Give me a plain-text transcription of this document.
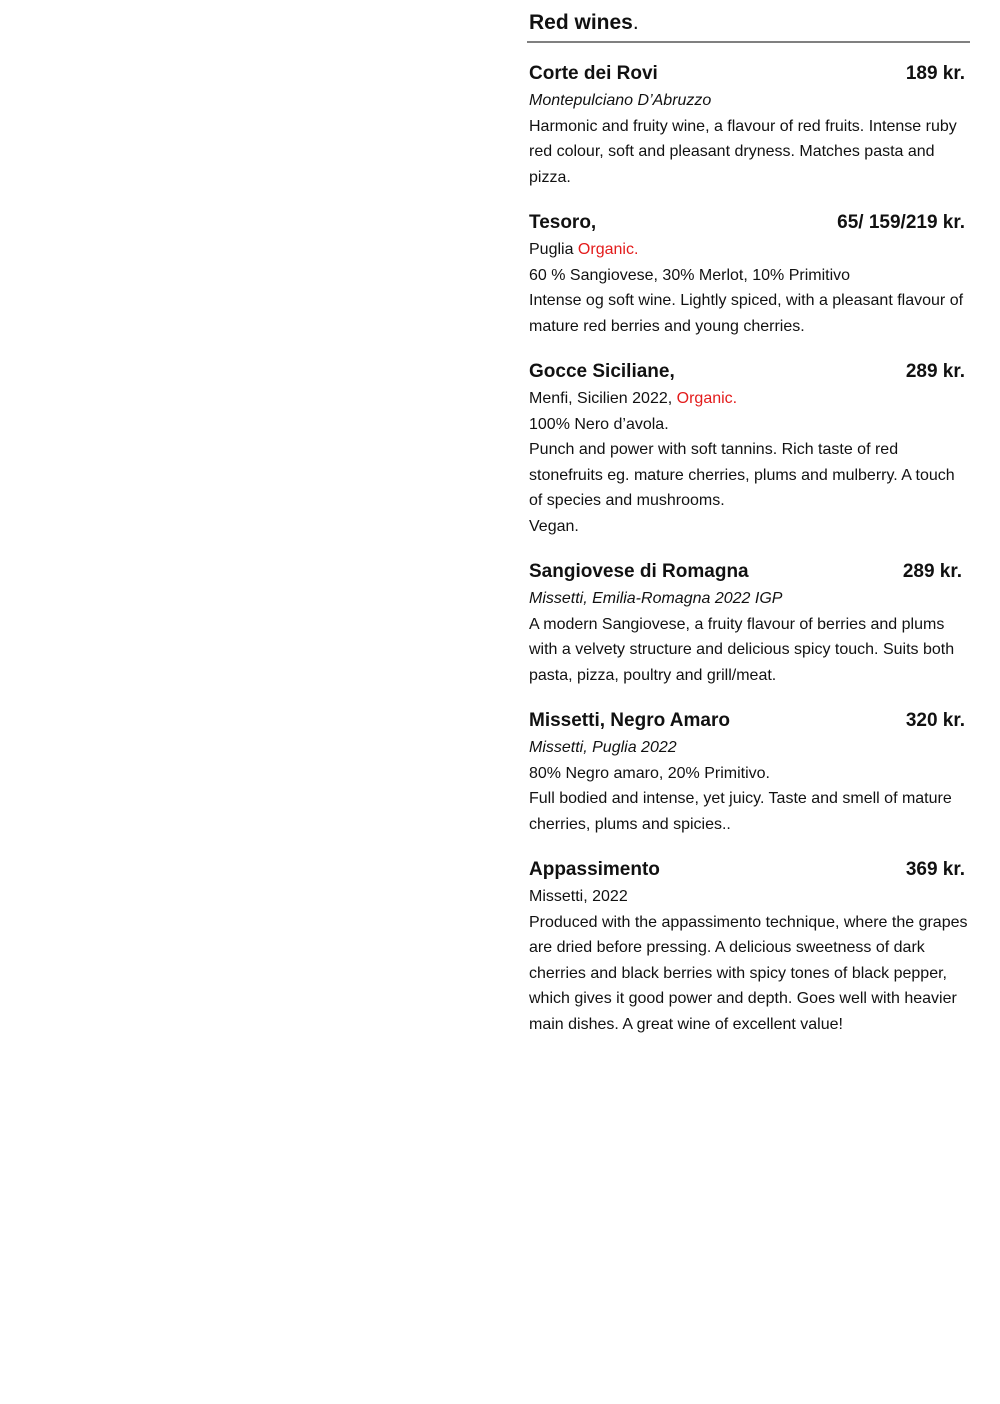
Red wines.
Corte dei Rovi	189 kr.
Montepulciano D’Abruzzo
Harmonic and fruity wine, a flavour of red fruits. Intense ruby red colour, soft and pleasant dryness. Matches pasta and pizza.
Tesoro,	65/ 159/219 kr.
Puglia Organic.
60 % Sangiovese, 30% Merlot, 10% Primitivo
Intense og soft wine. Lightly spiced, with a pleasant flavour of mature red berries and young cherries.
Gocce Siciliane,	289 kr.
Menfi, Sicilien 2022, Organic.
100% Nero d’avola.
Punch and power with soft tannins. Rich taste of red stonefruits eg. mature cherries, plums and mulberry. A touch of species and mushrooms.
Vegan.
Sangiovese di Romagna	289 kr.
Missetti, Emilia-Romagna 2022 IGP
A modern Sangiovese, a fruity flavour of berries and plums with a velvety structure and delicious spicy touch. Suits both pasta, pizza, poultry and grill/meat.
Missetti, Negro Amaro	320 kr.
Missetti, Puglia 2022
80% Negro amaro, 20% Primitivo.
Full bodied and intense, yet juicy. Taste and smell of mature cherries, plums and spicies..
Appassimento	369 kr.
Missetti, 2022
Produced with the appassimento technique, where the grapes are dried before pressing. A delicious sweetness of dark cherries and black berries with spicy tones of black pepper, which gives it good power and depth. Goes well with heavier main dishes. A great wine of excellent value!
